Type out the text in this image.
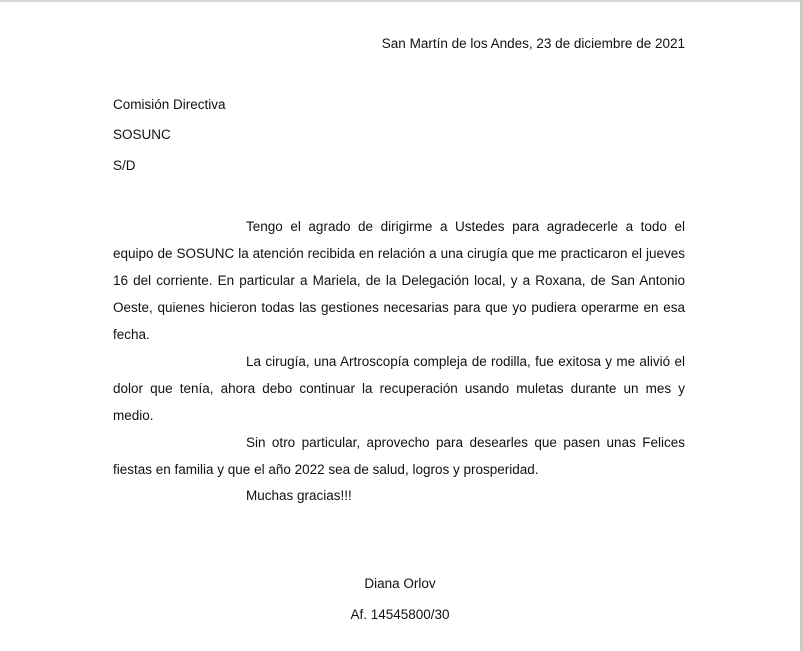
San Martín de los Andes, 23 de diciembre de 2021
Comisión Directiva
SOSUNC
S/D

Tengo el agrado de dirigirme a Ustedes para agradecerle a todo el equipo de SOSUNC la atención recibida en relación a una cirugía que me practicaron el jueves 16 del corriente. En particular a Mariela, de la Delegación local, y a Roxana, de San Antonio Oeste, quienes hicieron todas las gestiones necesarias para que yo pudiera operarme en esa fecha.

La cirugía, una Artroscopía compleja de rodilla, fue exitosa y me alivió el dolor que tenía, ahora debo continuar la recuperación usando muletas durante un mes y medio.

Sin otro particular, aprovecho para desearles que pasen unas Felices fiestas en familia y que el año 2022 sea de salud, logros y prosperidad.

Muchas gracias!!!
Diana Orlov
Af. 14545800/30
